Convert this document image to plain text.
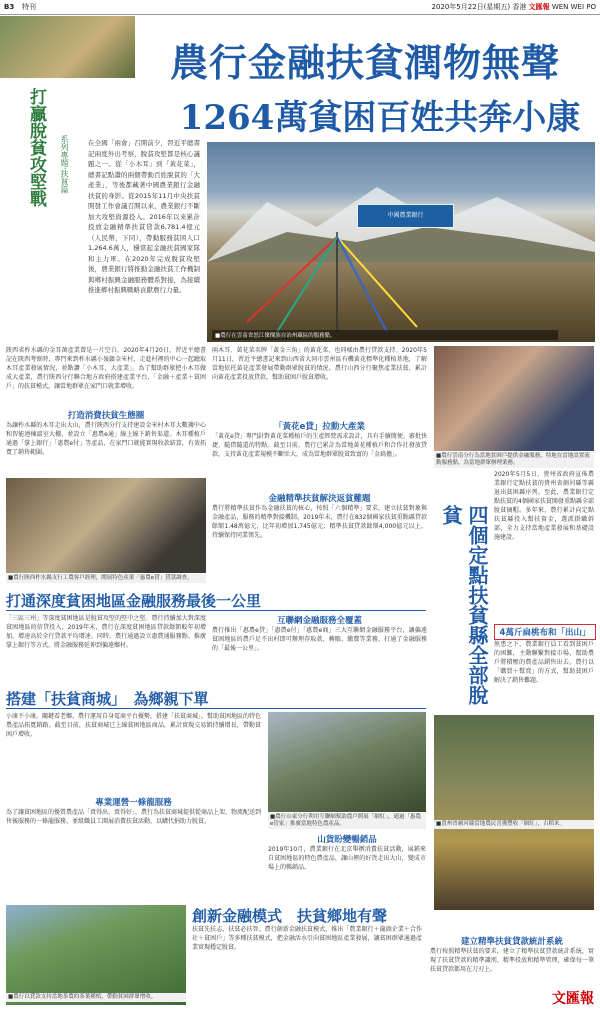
B3 特刊	2020年5月22日(星期五) 香港 文匯報 WEN WEI PO
農行金融扶貧潤物無聲
1264萬貧困百姓共奔小康
打贏脫貧攻堅戰 系列專題‧扶貧篇	在全國「兩會」召開前夕，習近平總書記兩度外出考察，脫貧攻堅都是核心議題之一。從「小木耳」到「黃花菜」，總書記點讚的兩個帶動百姓脫貧的「大產業」，等後都藏著中國農業銀行金融扶貧的身影。從2015年11月中央扶貧開發工作會議召開以來，農業銀行不斷加大攻堅資源投入。2016年以來累計投放金融精準扶貧貸款6,781.4億元（人民幣，下同），帶動服務貧困人口1,264.6萬人，穩當起金融扶貧國家隊和主力軍。在2020年完成脫貧攻堅後，農業銀行將推動金融扶貧工作機制與鄉村振興金融服務體系對接，為接續推進鄉村振興戰略貢獻農行力量。
中國農業銀行
■農行在雲南省怒江傈僳族自治州藏區的服務點。
陝西省柞水縣的金耳菌產業曾是一片空白。2020年4月20日，習近平總書記在陝西考察時，專門來到柞水縣小嶺鎮金米村，走進村裡的中心一起聽取木耳產業發展情況，並點讚「小木耳，大產業」。為了幫助群眾把小木耳做成大產業，農行陝西分行聯合地方政府搭建產業平台，「金融＋產業＋貧困戶」的扶貧模式，讓當地群眾在家門口就業增收。
打造消費扶貧生態圈
為讓柞水縣的木耳走出大山，農行陝西分行支持建設金米村木耳大數據中心和智能連棟溫室大棚，並設立「惠農e通」線上線下銷售渠道。木耳種植戶通過「掌上銀行」「惠農e付」等產品，在家門口就能實現收款結算，有效拓寬了銷售範圍。
■農行陝西柞水縣支行工農客戶經理，開展特色產業「惠農e貸」貸款調查。
兩木耳、黃花菜名牌「黃金三角」的黃花菜，也同樣由農行貸款支持。2020年5月11日，習近平總書記來到山西省大同市雲州區有機黃花標準化種植基地，了解當地依托黃花產業發展帶動群眾脫貧的情況。農行山西分行聚焦產業扶貧，累計向黃花產業投放貸款，幫助貧困戶脫貧增收。
「黃花e貸」拉動大產業
「黃花e貸」專門針對黃花菜種植戶的生產經營需求設計，具有手續簡便、審批快捷、隨借隨還的特點。截至目前，農行已累計為當地黃花種植戶和合作社發放貸款，支持黃花產業規模不斷壯大，成為當地群眾脫貧致富的「金扁擔」。
金融精準扶貧解決返貧難題
農行將精準扶貧作為金融扶貧的核心，按照「六個精準」要求，建立扶貧對象與金融產品、服務的精準對接機制。2019年末，農行在832個國家扶貧重點縣貸款餘額1.48萬億元，比年初增加1,745億元；精準扶貧貸款餘額4,000億元以上，持續保持同業領先。
打通深度貧困地區金融服務最後一公里
「三區三州」等深度貧困地區是脫貧攻堅的堅中之堅。農行持續加大對深度貧困地區的信貸投入，2019年末，農行在深度貧困地區貸款餘額較年初增加，增速高於全行貸款平均增速。同時，農行通過設立惠農通服務點、推廣掌上銀行等方式，將金融服務延伸到偏遠鄉村。
互聯網金融服務全覆蓋
農行推出「惠農e貸」「惠農e付」「惠農e商」三大互聯網金融服務平台，讓偏遠貧困地區的農戶足不出村即可辦理存取款、轉賬、繳費等業務，打通了金融服務的「最後一公里」。
搭建「扶貧商城」　為鄉親下單
小康不小康，關鍵看老鄉。農行運用自身電商平台優勢，搭建「扶貧商城」，幫助貧困地區的特色農產品拓寬銷路。截至目前，扶貧商城已上線貧困地區商品，累計實現交易額持續增長，帶動貧困戶增收。
專業運營一條龍服務
為了讓貧困地區的優質農產品「賣得出、賣得好」，農行為扶貧商城提供從商品上架、物流配送到售後服務的一條龍服務，並組織員工開展消費扶貧活動，以購代捐助力脫貧。
■農行山東分行利用互聯網幫助農戶開展「網紅」，通過「惠農e管家」推廣當地特色農產品。
山貨盼變暢銷品
2019年10月，農業銀行在北京舉辦消費扶貧活動，展銷來自貧困地區的特色農產品，讓山裡的好貨走出大山，變成市場上的暢銷品。
■農行雲南分行為當地貧困戶提供金融服務，特地在當地設置流動服務點，為當地群眾辦理業務。
四個定點扶貧縣全部脫貧
2020年5月5日，貴州省政府宣佈農業銀行定點扶貧的貴州省劍河縣等縣退出貧困縣序列。至此，農業銀行定點扶貧的4個國家扶貧開發重點縣全部脫貧摘帽。多年來，農行累計向定點扶貧縣投入幫扶資金，選派掛職幹部，全力支持當地產業發展和基礎設施建設。
4萬斤扁桃布和「出山」
無患之下，農業銀行員工看到貧困戶的困難，主動聯繫對接市場，幫助農戶將積壓的農產品銷售出去。農行以「購買＋幫賣」的方式，幫助貧困戶解決了銷售難題。
■貴州省劍河縣當地農民喜獲豐收「網紅」，古稻米。
■農行以貸款支持當地茶農的茶葉種植，帶動貧困群眾增收。
創新金融模式　扶貧鄉地有聲
扶貧先扶志，扶貧必扶智。農行創新金融扶貧模式，推出「農業銀行＋龍頭企業＋合作社＋貧困戶」等多種扶貧模式，把金融活水引向貧困地區產業發展，讓貧困群眾通過產業實現穩定脫貧。
建立精準扶貧貸款統計系統
農行按照精準扶貧的要求，建立了精準扶貧貸款統計系統，實現了扶貧貸款的精準識別、精準投放和精準管理，確保每一筆扶貧貸款都用在刀刃上。
文匯報
